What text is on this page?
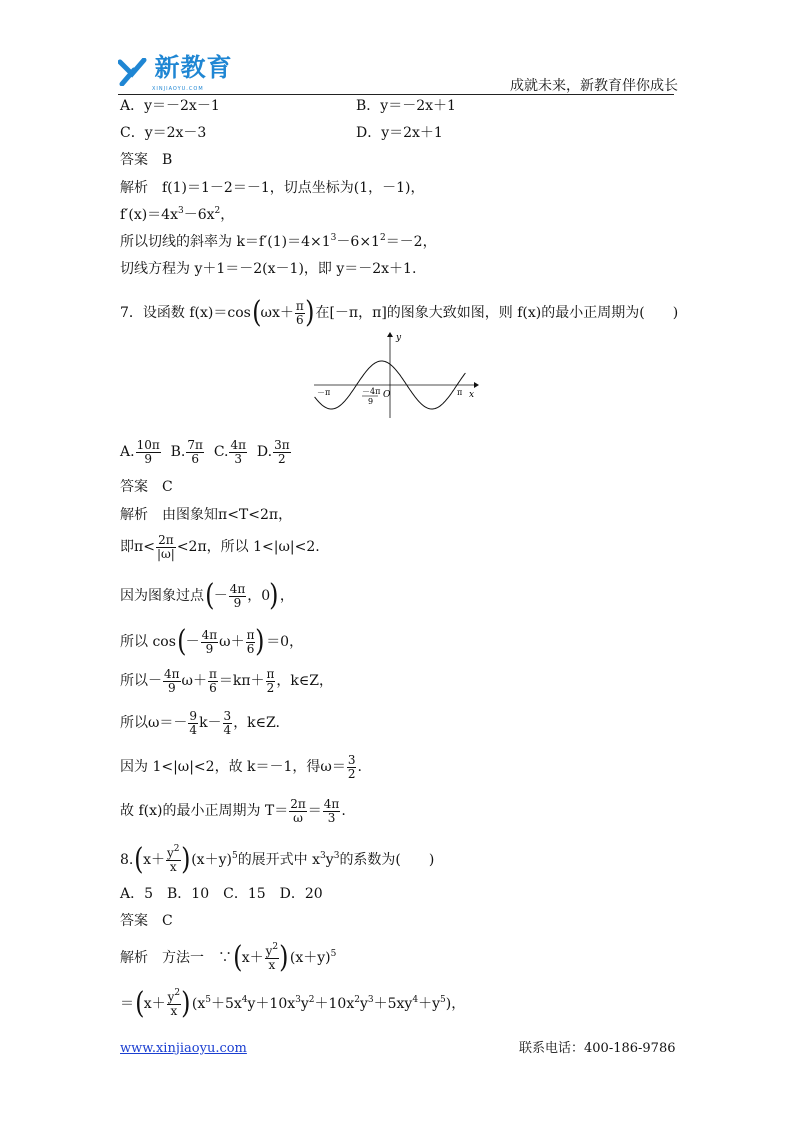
新教育
XINJIAOYU.COM	成就未来，新教育伴你成长
A．y＝－2x－1	B．y＝－2x＋1
C．y＝2x－3	D．y＝2x＋1
答案　B
解析　f(1)＝1－2＝－1，切点坐标为(1，－1)，
$f'(x)=4x^3-6x^2$，
所以切线的斜率为 $k=f'(1)=4\times 1^3-6\times 1^2=-2$，
切线方程为 y＋1＝－2(x－1)，即 y＝－2x＋1.
7．设函数 $f(x)=\cos(\omega x+ \frac{\pi}{6}$ )在[－π，π]的图象大致如图，则 f(x)的最小正周期为(　　)
y
x
O
－π	π
－4π
9
A. $\frac{10\pi}{9} B$. $\frac{7\pi}{6} C$. $\frac{4\pi}{3} D$. $\frac{3\pi}{2}$
答案　C
解析　由图象知π<T<2π，
即$\pi< \frac{2\pi}{|\omega|} <2\pi$，所以 1<|ω|<2.
因为图象过点(－ $\frac{4\pi}{9}$ ，0)，
所以 $\cos(- \frac{4\pi}{9} \omega+ \frac{\pi}{6} )=0$，
所以－ $\frac{4\pi}{9} \omega+ \frac{\pi}{6} =k\pi+ \frac{\pi}{2}$ ，k∈Z，
所以$\omega=- \frac{9}{4} k- \frac{3}{4}$ ，k∈Z.
因为 1<|ω|<2，故 k＝－1，得$\omega= \frac{3}{2}$ .
故 f(x)的最小正周期为 $T= \frac{2\pi}{\omega} = \frac{4\pi}{3}$ .
$8.(x+ \frac{y^2}{x} )(x+y)^5$的展开式中 $x^3y^3$的系数为(　　)
A．5　B．10　C．15　D．20
答案　C
解析　方法一　∵(x＋ $\frac{y^2}{x} )(x+y)^5$
$=(x+ \frac{y^2}{x} )(x^5+5x^4y+10x^3y^2+10x^2y^3+5xy^4+y^5)$，
www.xinjiaoyu.com	联系电话：400-186-9786
